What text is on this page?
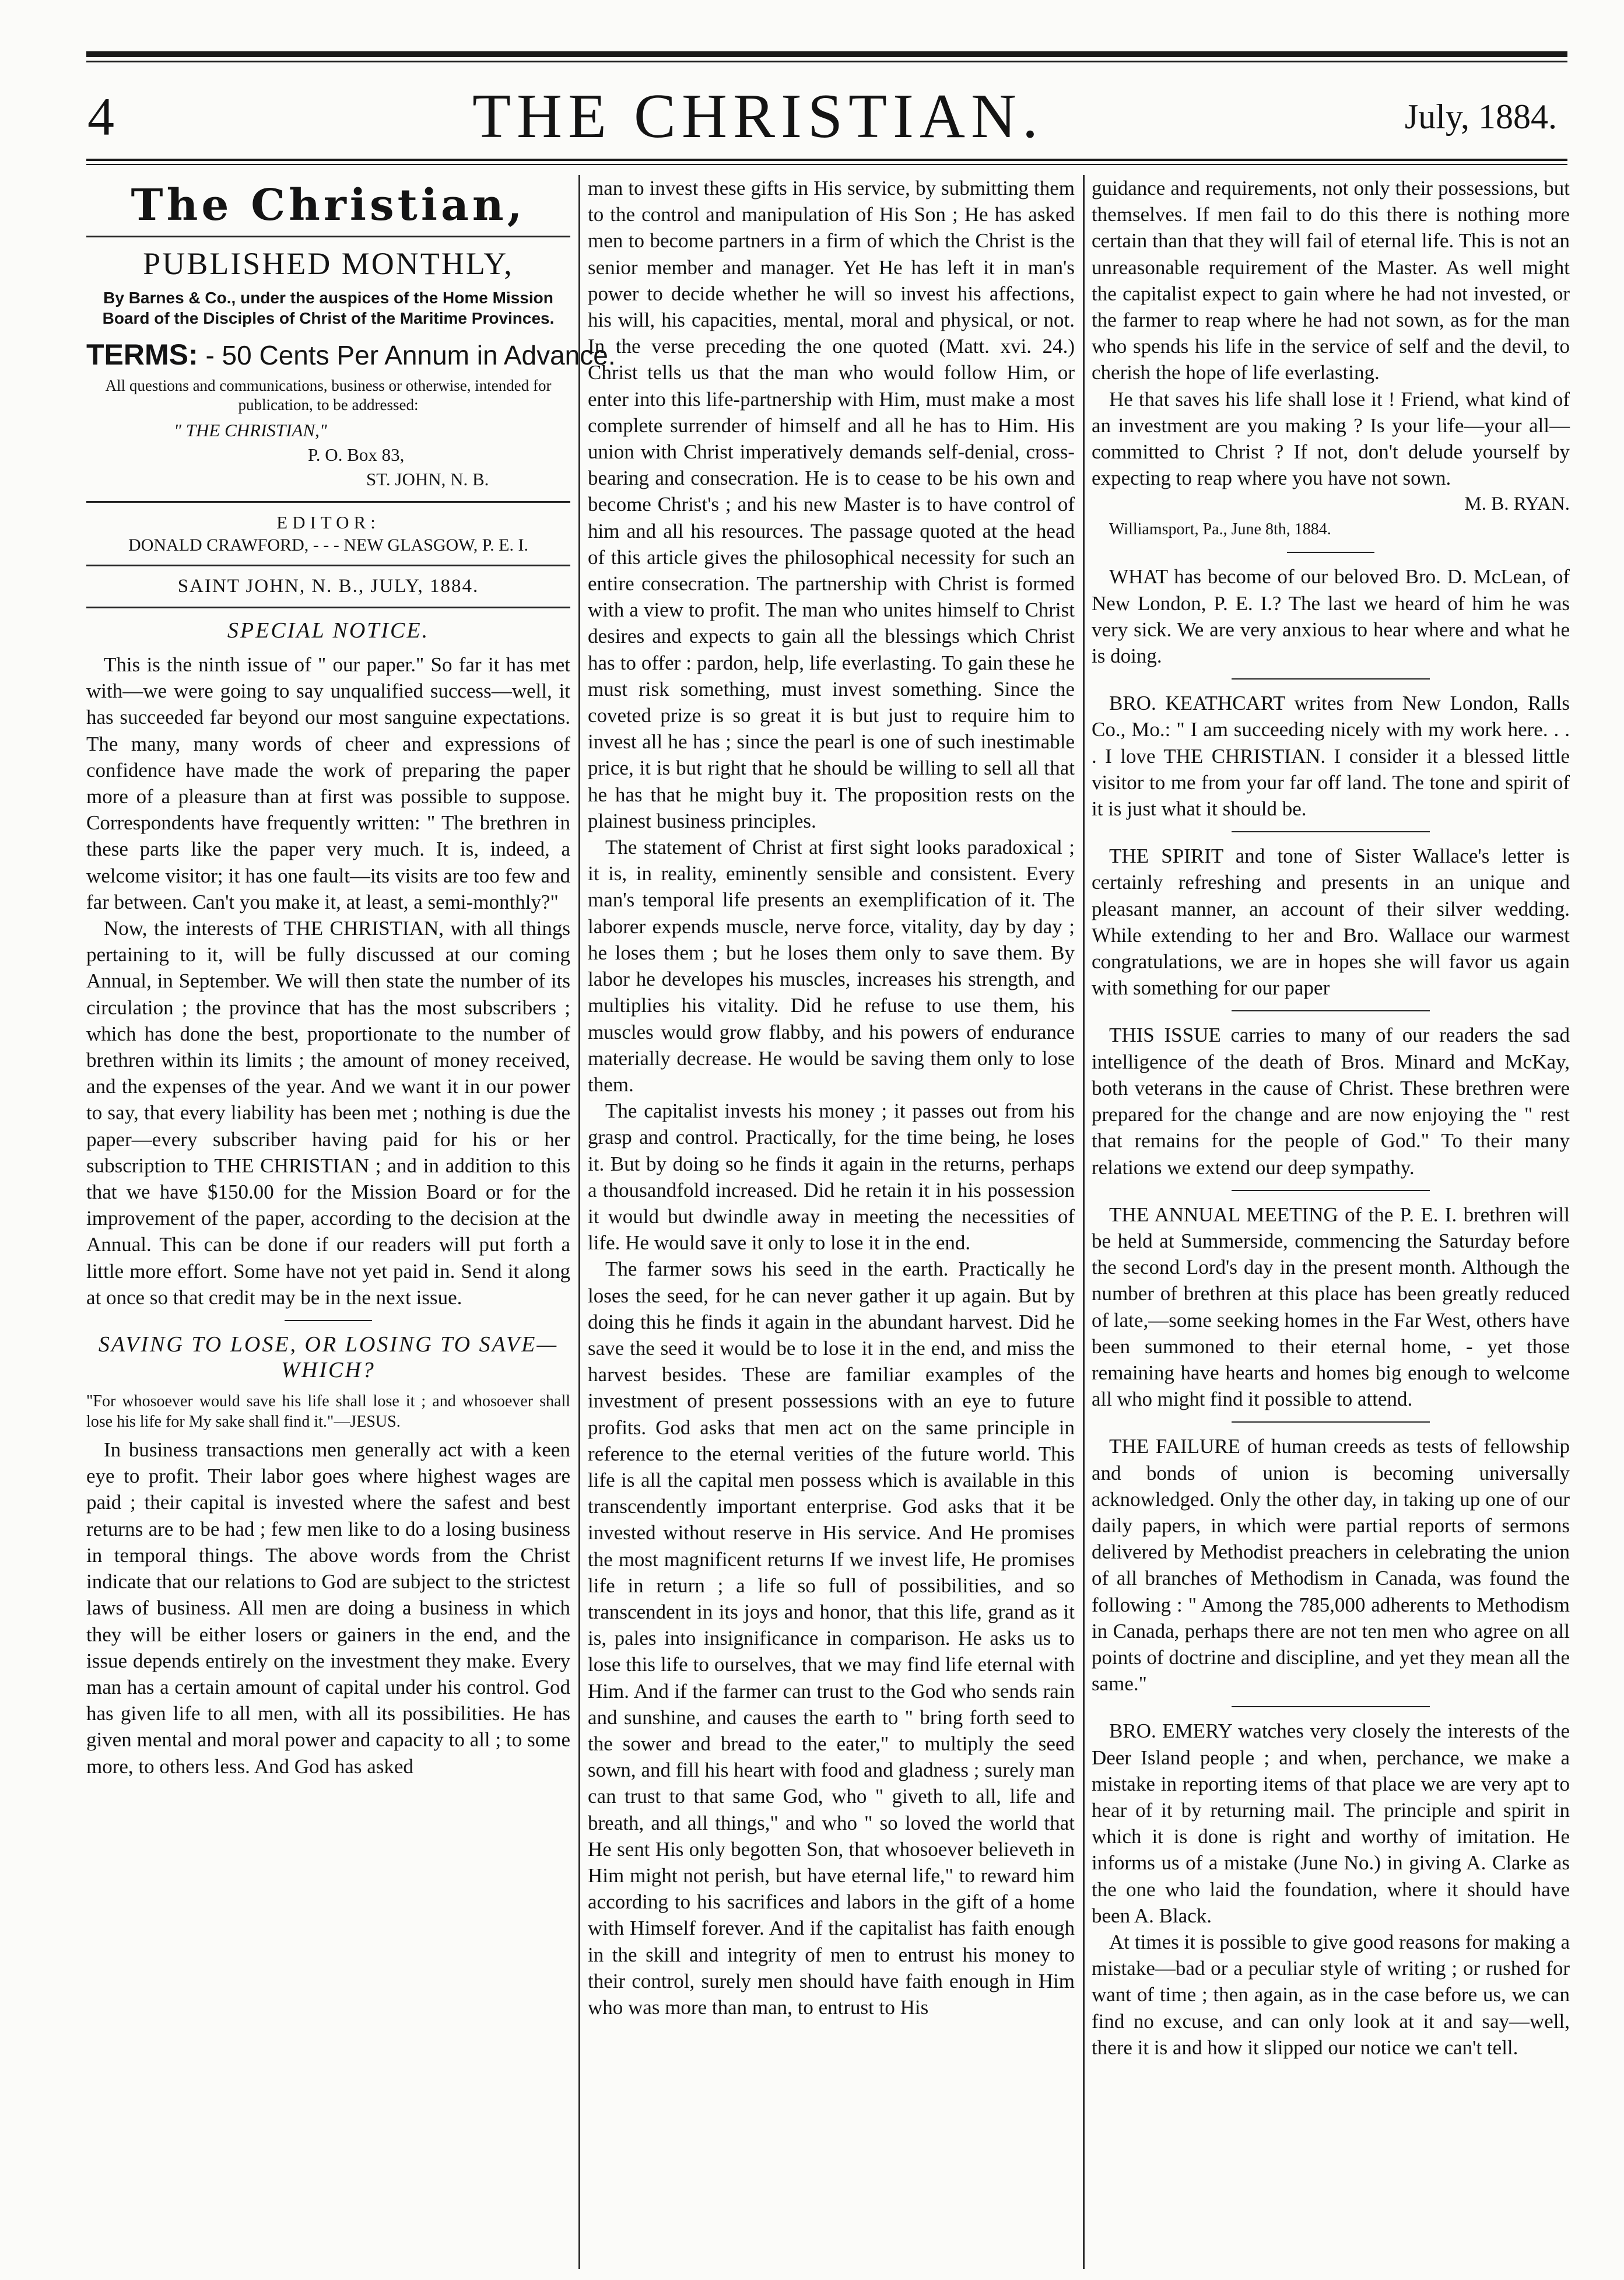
4	THE CHRISTIAN.	July, 1884.
The Christian,
PUBLISHED MONTHLY,
By Barnes & Co., under the auspices of the Home Mission Board of the Disciples of Christ of the Maritime Provinces.
TERMS: - 50 Cents Per Annum in Advance.
All questions and communications, business or otherwise, intended for publication, to be addressed:
" THE CHRISTIAN,"
P. O. Box 83,
ST. JOHN, N. B.
EDITOR:
DONALD CRAWFORD, - - - NEW GLASGOW, P. E. I.
SAINT JOHN, N. B., JULY, 1884.
SPECIAL NOTICE.

This is the ninth issue of " our paper." So far it has met with—we were going to say unqualified success—well, it has succeeded far beyond our most sanguine expectations. The many, many words of cheer and expressions of confidence have made the work of preparing the paper more of a pleasure than at first was possible to suppose. Correspondents have frequently written: " The brethren in these parts like the paper very much. It is, indeed, a welcome visitor; it has one fault—its visits are too few and far between. Can't you make it, at least, a semi-monthly?"

Now, the interests of THE CHRISTIAN, with all things pertaining to it, will be fully discussed at our coming Annual, in September. We will then state the number of its circulation ; the province that has the most subscribers ; which has done the best, proportionate to the number of brethren within its limits ; the amount of money received, and the expenses of the year. And we want it in our power to say, that every liability has been met ; nothing is due the paper—every subscriber having paid for his or her subscription to THE CHRISTIAN ; and in addition to this that we have $150.00 for the Mission Board or for the improvement of the paper, according to the decision at the Annual. This can be done if our readers will put forth a little more effort. Some have not yet paid in. Send it along at once so that credit may be in the next issue.

SAVING TO LOSE, OR LOSING TO SAVE—WHICH?
"For whosoever would save his life shall lose it ; and whosoever shall lose his life for My sake shall find it."—JESUS.

In business transactions men generally act with a keen eye to profit. Their labor goes where highest wages are paid ; their capital is invested where the safest and best returns are to be had ; few men like to do a losing business in temporal things. The above words from the Christ indicate that our relations to God are subject to the strictest laws of business. All men are doing a business in which they will be either losers or gainers in the end, and the issue depends entirely on the investment they make. Every man has a certain amount of capital under his control. God has given life to all men, with all its possibilities. He has given mental and moral power and capacity to all ; to some more, to others less. And God has asked

man to invest these gifts in His service, by submitting them to the control and manipulation of His Son ; He has asked men to become partners in a firm of which the Christ is the senior member and manager. Yet He has left it in man's power to decide whether he will so invest his affections, his will, his capacities, mental, moral and physical, or not. In the verse preceding the one quoted (Matt. xvi. 24.) Christ tells us that the man who would follow Him, or enter into this life-partnership with Him, must make a most complete surrender of himself and all he has to Him. His union with Christ imperatively demands self-denial, cross-bearing and consecration. He is to cease to be his own and become Christ's ; and his new Master is to have control of him and all his resources. The passage quoted at the head of this article gives the philosophical necessity for such an entire consecration. The partnership with Christ is formed with a view to profit. The man who unites himself to Christ desires and expects to gain all the blessings which Christ has to offer : pardon, help, life everlasting. To gain these he must risk something, must invest something. Since the coveted prize is so great it is but just to require him to invest all he has ; since the pearl is one of such inestimable price, it is but right that he should be willing to sell all that he has that he might buy it. The proposition rests on the plainest business principles.

The statement of Christ at first sight looks paradoxical ; it is, in reality, eminently sensible and consistent. Every man's temporal life presents an exemplification of it. The laborer expends muscle, nerve force, vitality, day by day ; he loses them ; but he loses them only to save them. By labor he developes his muscles, increases his strength, and multiplies his vitality. Did he refuse to use them, his muscles would grow flabby, and his powers of endurance materially decrease. He would be saving them only to lose them.

The capitalist invests his money ; it passes out from his grasp and control. Practically, for the time being, he loses it. But by doing so he finds it again in the returns, perhaps a thousandfold increased. Did he retain it in his possession it would but dwindle away in meeting the necessities of life. He would save it only to lose it in the end.

The farmer sows his seed in the earth. Practically he loses the seed, for he can never gather it up again. But by doing this he finds it again in the abundant harvest. Did he save the seed it would be to lose it in the end, and miss the harvest besides. These are familiar examples of the investment of present possessions with an eye to future profits. God asks that men act on the same principle in reference to the eternal verities of the future world. This life is all the capital men possess which is available in this transcendently important enterprise. God asks that it be invested without reserve in His service. And He promises the most magnificent returns If we invest life, He promises life in return ; a life so full of possibilities, and so transcendent in its joys and honor, that this life, grand as it is, pales into insignificance in comparison. He asks us to lose this life to ourselves, that we may find life eternal with Him. And if the farmer can trust to the God who sends rain and sunshine, and causes the earth to " bring forth seed to the sower and bread to the eater," to multiply the seed sown, and fill his heart with food and gladness ; surely man can trust to that same God, who " giveth to all, life and breath, and all things," and who " so loved the world that He sent His only begotten Son, that whosoever believeth in Him might not perish, but have eternal life," to reward him according to his sacrifices and labors in the gift of a home with Himself forever. And if the capitalist has faith enough in the skill and integrity of men to entrust his money to their control, surely men should have faith enough in Him who was more than man, to entrust to His

guidance and requirements, not only their possessions, but themselves. If men fail to do this there is nothing more certain than that they will fail of eternal life. This is not an unreasonable requirement of the Master. As well might the capitalist expect to gain where he had not invested, or the farmer to reap where he had not sown, as for the man who spends his life in the service of self and the devil, to cherish the hope of life everlasting.

He that saves his life shall lose it ! Friend, what kind of an investment are you making ? Is your life—your all—committed to Christ ? If not, don't delude yourself by expecting to reap where you have not sown.

M. B. RYAN.
Williamsport, Pa., June 8th, 1884.

WHAT has become of our beloved Bro. D. McLean, of New London, P. E. I.? The last we heard of him he was very sick. We are very anxious to hear where and what he is doing.

BRO. KEATHCART writes from New London, Ralls Co., Mo.: " I am succeeding nicely with my work here. . . . I love THE CHRISTIAN. I consider it a blessed little visitor to me from your far off land. The tone and spirit of it is just what it should be.

THE SPIRIT and tone of Sister Wallace's letter is certainly refreshing and presents in an unique and pleasant manner, an account of their silver wedding. While extending to her and Bro. Wallace our warmest congratulations, we are in hopes she will favor us again with something for our paper

THIS ISSUE carries to many of our readers the sad intelligence of the death of Bros. Minard and McKay, both veterans in the cause of Christ. These brethren were prepared for the change and are now enjoying the " rest that remains for the people of God." To their many relations we extend our deep sympathy.

THE ANNUAL MEETING of the P. E. I. brethren will be held at Summerside, commencing the Saturday before the second Lord's day in the present month. Although the number of brethren at this place has been greatly reduced of late,—some seeking homes in the Far West, others have been summoned to their eternal home, - yet those remaining have hearts and homes big enough to welcome all who might find it possible to attend.

THE FAILURE of human creeds as tests of fellowship and bonds of union is becoming universally acknowledged. Only the other day, in taking up one of our daily papers, in which were partial reports of sermons delivered by Methodist preachers in celebrating the union of all branches of Methodism in Canada, was found the following : " Among the 785,000 adherents to Methodism in Canada, perhaps there are not ten men who agree on all points of doctrine and discipline, and yet they mean all the same."

BRO. EMERY watches very closely the interests of the Deer Island people ; and when, perchance, we make a mistake in reporting items of that place we are very apt to hear of it by returning mail. The principle and spirit in which it is done is right and worthy of imitation. He informs us of a mistake (June No.) in giving A. Clarke as the one who laid the foundation, where it should have been A. Black.

At times it is possible to give good reasons for making a mistake—bad or a peculiar style of writing ; or rushed for want of time ; then again, as in the case before us, we can find no excuse, and can only look at it and say—well, there it is and how it slipped our notice we can't tell.
